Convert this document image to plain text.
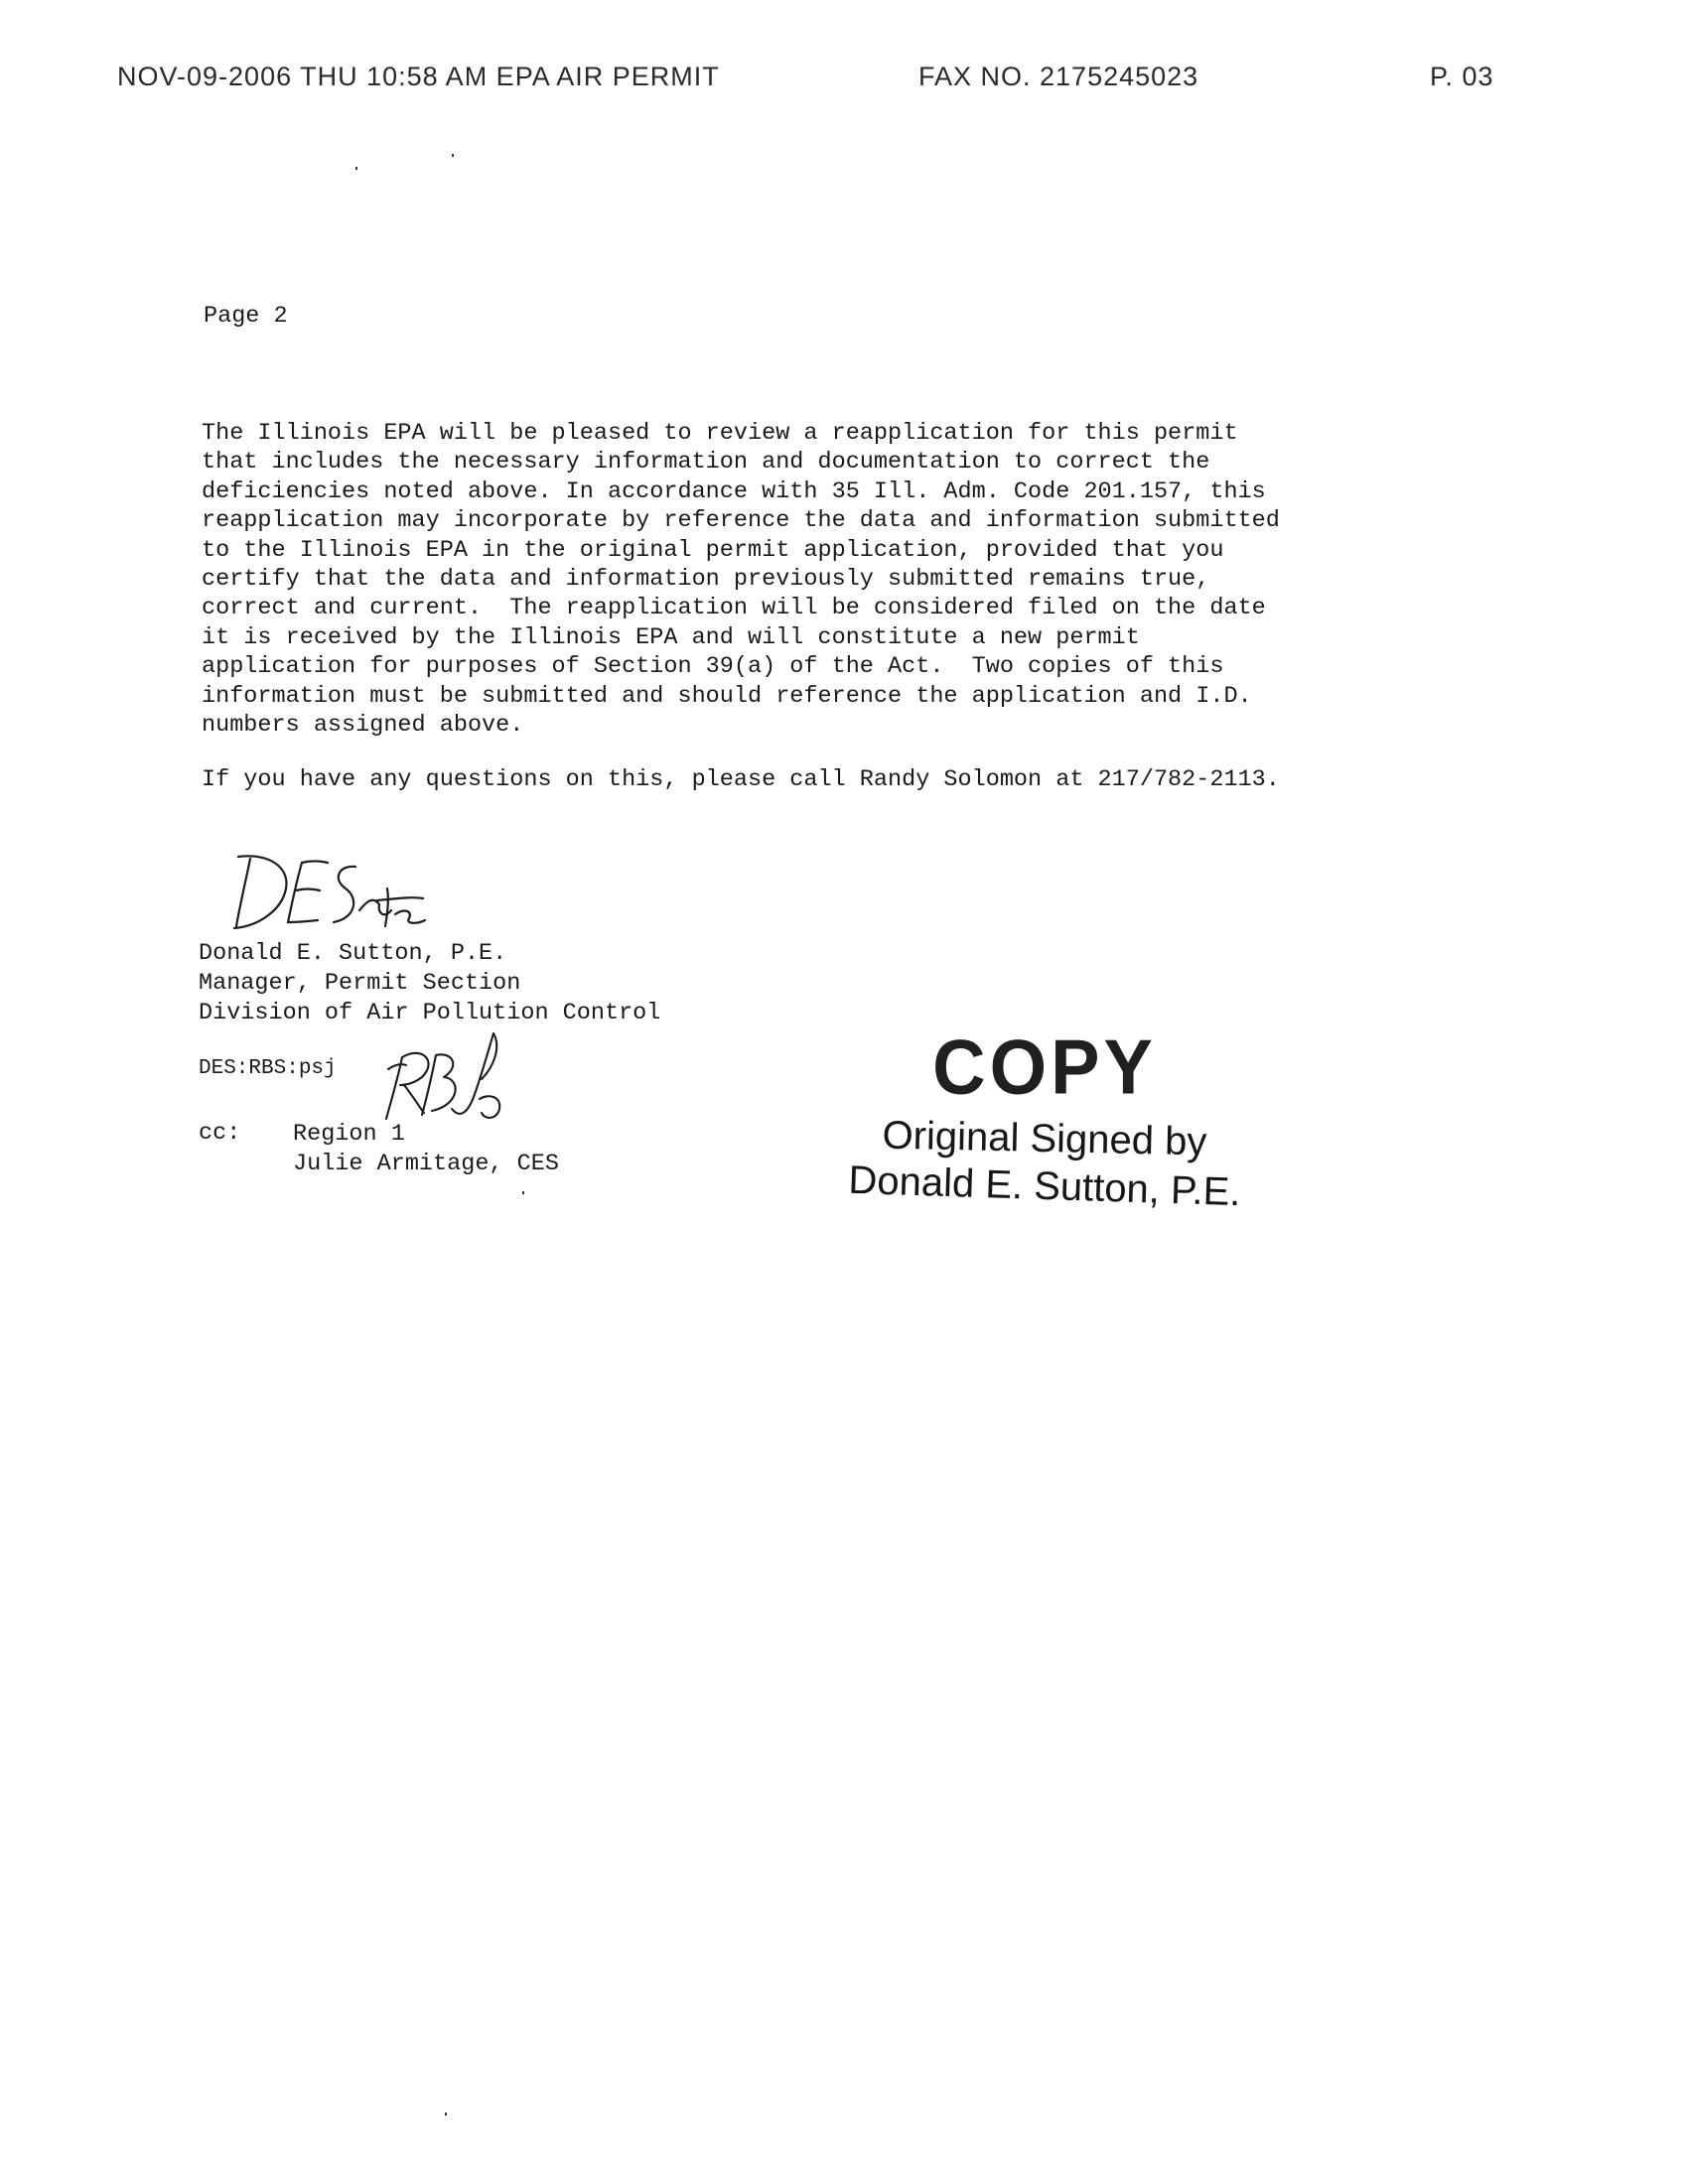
NOV-09-2006 THU 10:58 AM EPA AIR PERMIT	FAX NO. 2175245023	P. 03
Page 2
The Illinois EPA will be pleased to review a reapplication for this permit
that includes the necessary information and documentation to correct the
deficiencies noted above. In accordance with 35 Ill. Adm. Code 201.157, this
reapplication may incorporate by reference the data and information submitted
to the Illinois EPA in the original permit application, provided that you
certify that the data and information previously submitted remains true,
correct and current.  The reapplication will be considered filed on the date
it is received by the Illinois EPA and will constitute a new permit
application for purposes of Section 39(a) of the Act.  Two copies of this
information must be submitted and should reference the application and I.D.
numbers assigned above.
If you have any questions on this, please call Randy Solomon at 217/782-2113.
Donald E. Sutton, P.E.
Manager, Permit Section
Division of Air Pollution Control
DES:RBS:psj
cc: Region 1
Julie Armitage, CES
COPY
Original Signed by
Donald E. Sutton, P.E.
